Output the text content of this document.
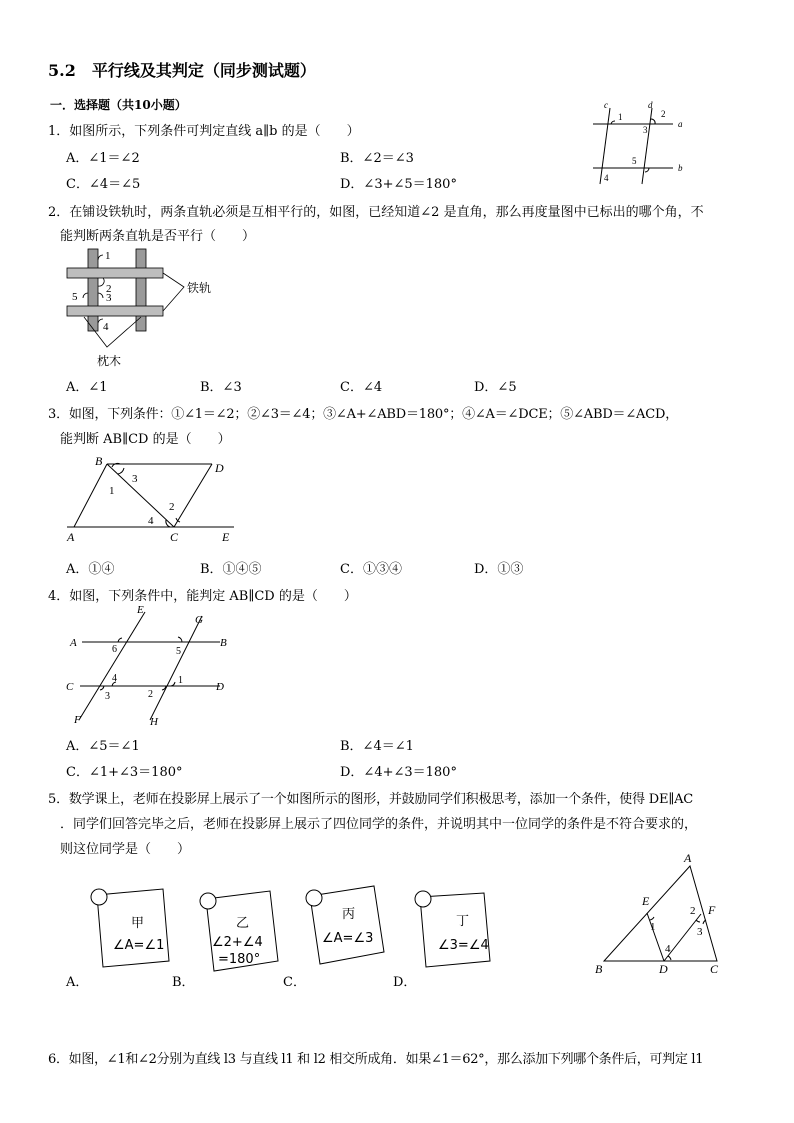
5.2　平行线及其判定（同步测试题）
一．选择题（共10小题）
1．如图所示，下列条件可判定直线 a∥b 的是（　　）
A．∠1＝∠2	B．∠2＝∠3
C．∠4＝∠5	D．∠3+∠5＝180°
c	d
a
b
1	2
3
4
5
2．在铺设铁轨时，两条直轨必须是互相平行的，如图，已经知道∠2 是直角，那么再度量图中已标出的哪个角，不
能判断两条直轨是否平行（　　）
1
2
3
4
5
铁轨
枕木
A．∠1	B．∠3	C．∠4	D．∠5
3．如图，下列条件：①∠1＝∠2；②∠3＝∠4；③∠A+∠ABD＝180°；④∠A＝∠DCE；⑤∠ABD＝∠ACD，
能判断 AB∥CD 的是（　　）
B	D
A	C	E
1
2
3
4
A．①④	B．①④⑤	C．①③④	D．①③
4．如图，下列条件中，能判定 AB∥CD 的是（　　）
E
G
A	B
C	D
F	H
1
2
3
4
5
6
A．∠5＝∠1	B．∠4＝∠1
C．∠1+∠3＝180°	D．∠4+∠3＝180°
5．数学课上，老师在投影屏上展示了一个如图所示的图形，并鼓励同学们积极思考，添加一个条件，使得 DE∥AC
．同学们回答完毕之后，老师在投影屏上展示了四位同学的条件，并说明其中一位同学的条件是不符合要求的，
则这位同学是（　　）
A．	B．	C．	D．
甲
∠A=∠1
乙
∠2+∠4
=180°
丙
∠A=∠3
丁
∠3=∠4
A
B	C
D
E
F
1
2
3
4
6．如图，∠1和∠2分别为直线 l3 与直线 l1 和 l2 相交所成角．如果∠1＝62°，那么添加下列哪个条件后，可判定 l1
